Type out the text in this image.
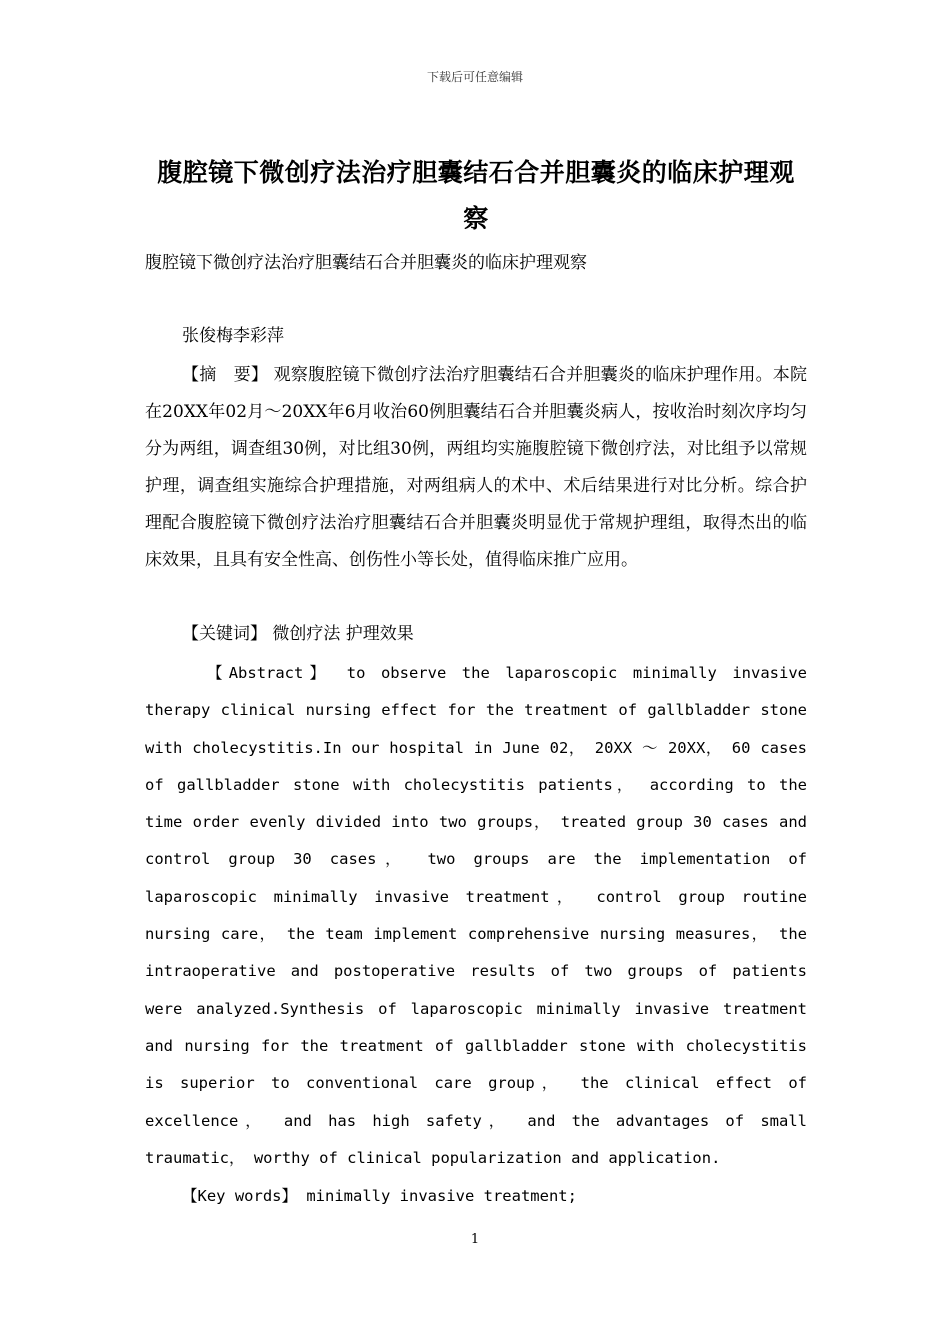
下载后可任意编辑
腹腔镜下微创疗法治疗胆囊结石合并胆囊炎的临床护理观察
腹腔镜下微创疗法治疗胆囊结石合并胆囊炎的临床护理观察
张俊梅李彩萍

【摘　要】 观察腹腔镜下微创疗法治疗胆囊结石合并胆囊炎的临床护理作用。本院在20XX年02月～20XX年6月收治60例胆囊结石合并胆囊炎病人，按收治时刻次序均匀分为两组，调查组30例，对比组30例，两组均实施腹腔镜下微创疗法，对比组予以常规护理，调查组实施综合护理措施，对两组病人的术中、术后结果进行对比分析。综合护理配合腹腔镜下微创疗法治疗胆囊结石合并胆囊炎明显优于常规护理组，取得杰出的临床效果，且具有安全性高、创伤性小等长处，值得临床推广应用。

【关键词】 微创疗法 护理效果

【Abstract】 to observe the laparoscopic minimally invasive therapy clinical nursing effect for the treatment of gallbladder stone with cholecystitis.In our hospital in June 02， 20XX ～ 20XX， 60 cases of gallbladder stone with cholecystitis patients， according to the time order evenly divided into two groups， treated group 30 cases and control group 30 cases， two groups are the implementation of laparoscopic minimally invasive treatment， control group routine nursing care， the team implement comprehensive nursing measures， the intraoperative and postoperative results of two groups of patients were analyzed.Synthesis of laparoscopic minimally invasive treatment and nursing for the treatment of gallbladder stone with cholecystitis is superior to conventional care group， the clinical effect of excellence， and has high safety， and the advantages of small traumatic， worthy of clinical popularization and application.

【Key words】 minimally invasive treatment;
1
